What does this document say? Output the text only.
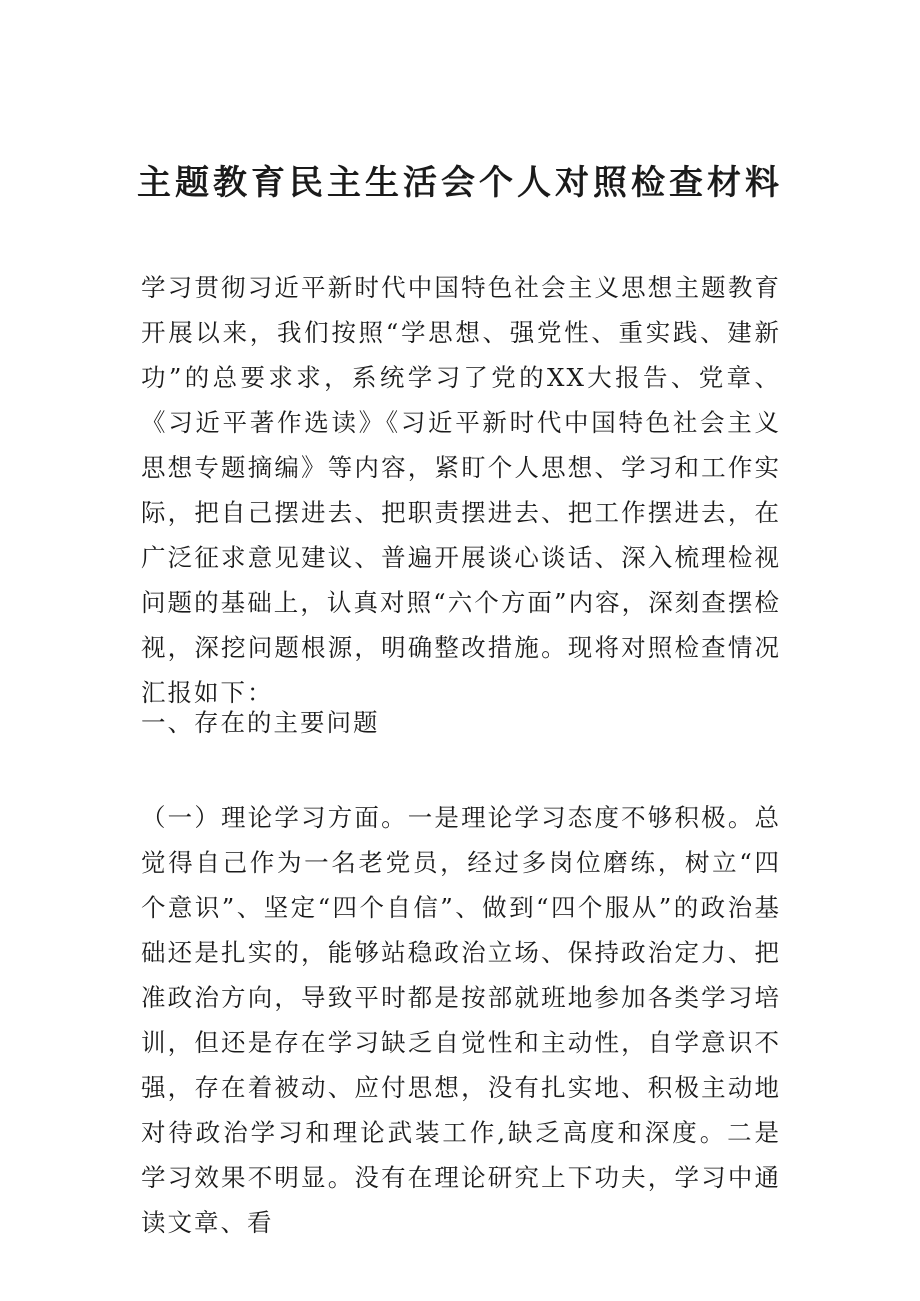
主题教育民主生活会个人对照检查材料

学习贯彻习近平新时代中国特色社会主义思想主题教育开展以来，我们按照“学思想、强党性、重实践、建新功”的总要求求，系统学习了党的XX大报告、党章、《习近平著作选读》《习近平新时代中国特色社会主义思想专题摘编》等内容，紧盯个人思想、学习和工作实际，把自己摆进去、把职责摆进去、把工作摆进去，在广泛征求意见建议、普遍开展谈心谈话、深入梳理检视问题的基础上，认真对照“六个方面”内容，深刻查摆检视，深挖问题根源，明确整改措施。现将对照检查情况汇报如下：

一、存在的主要问题

（一）理论学习方面。一是理论学习态度不够积极。总觉得自己作为一名老党员，经过多岗位磨练，树立“四个意识”、坚定“四个自信”、做到“四个服从”的政治基础还是扎实的，能够站稳政治立场、保持政治定力、把准政治方向，导致平时都是按部就班地参加各类学习培训，但还是存在学习缺乏自觉性和主动性，自学意识不强，存在着被动、应付思想，没有扎实地、积极主动地对待政治学习和理论武装工作,缺乏高度和深度。二是学习效果不明显。没有在理论研究上下功夫，学习中通读文章、看
